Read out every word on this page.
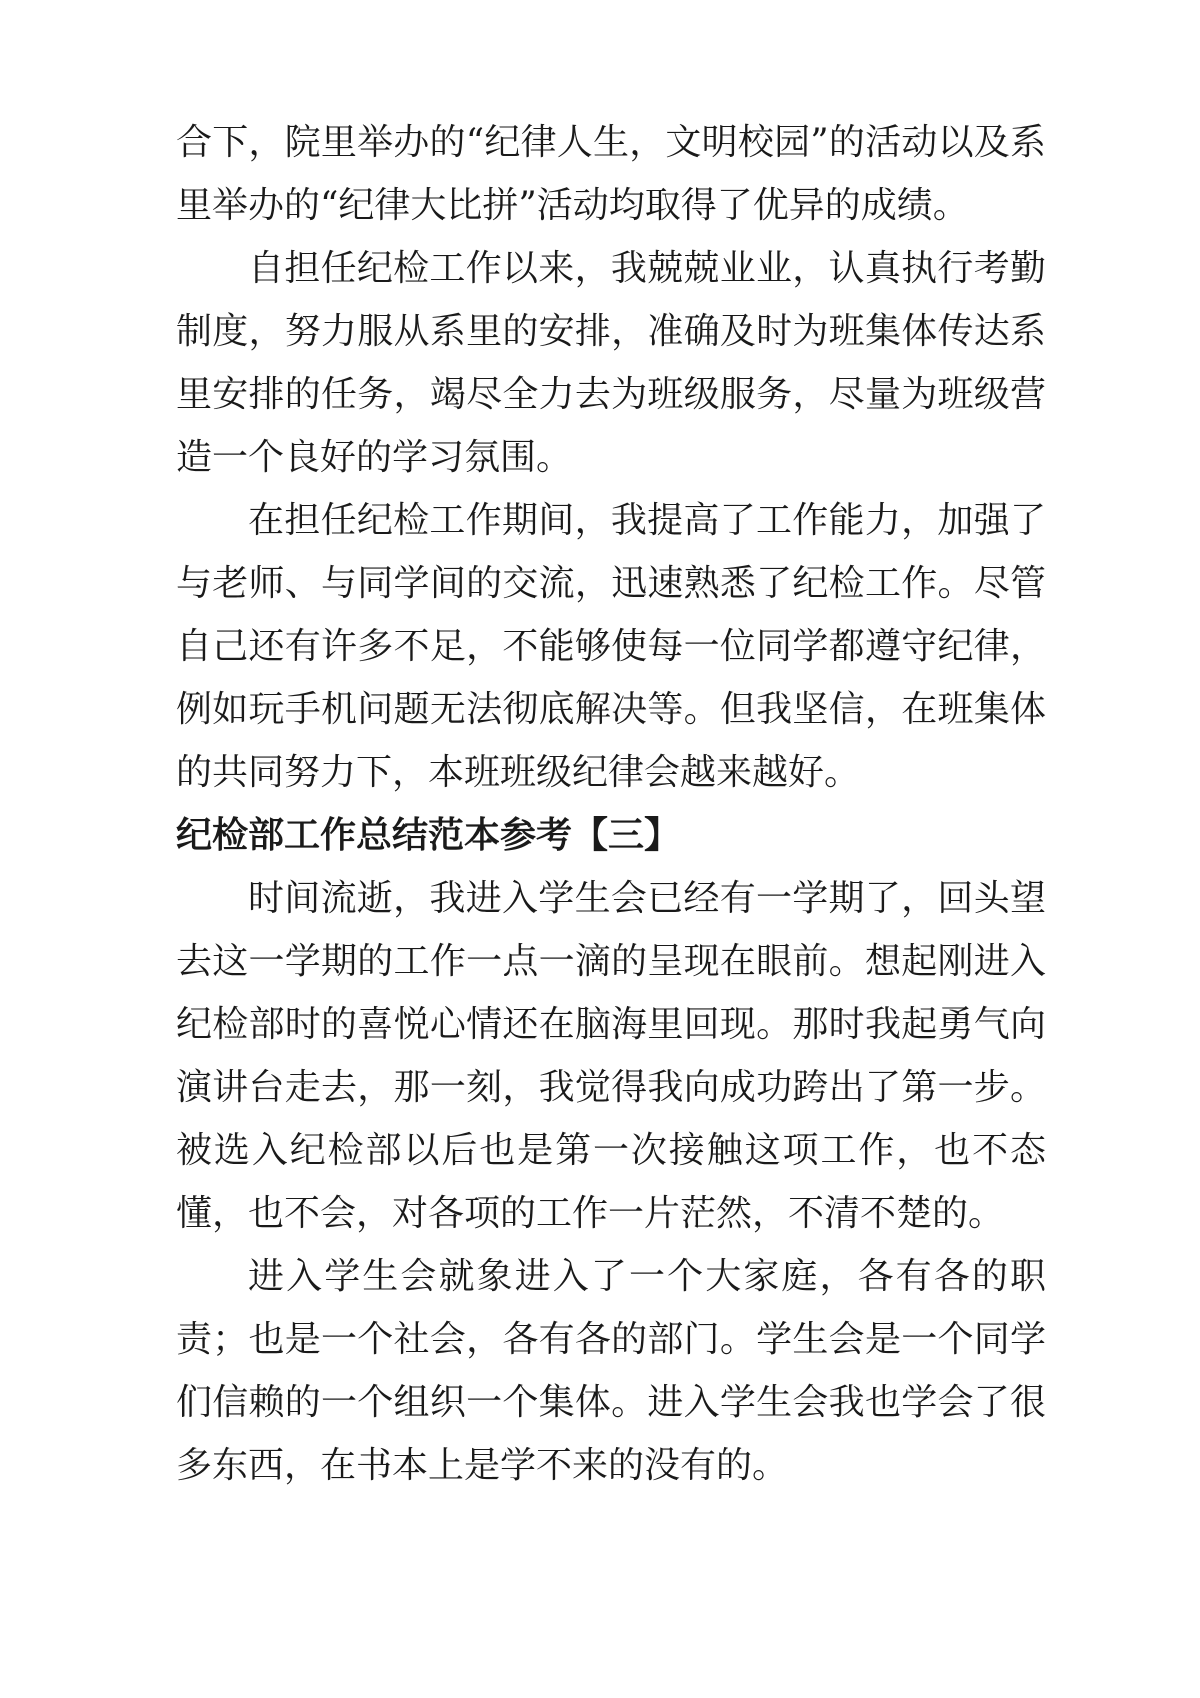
合下，院里举办的“纪律人生，文明校园”的活动以及系里举办的“纪律大比拼”活动均取得了优异的成绩。

自担任纪检工作以来，我兢兢业业，认真执行考勤制度，努力服从系里的安排，准确及时为班集体传达系里安排的任务，竭尽全力去为班级服务，尽量为班级营造一个良好的学习氛围。

在担任纪检工作期间，我提高了工作能力，加强了与老师、与同学间的交流，迅速熟悉了纪检工作。尽管自己还有许多不足，不能够使每一位同学都遵守纪律，例如玩手机问题无法彻底解决等。但我坚信，在班集体的共同努力下，本班班级纪律会越来越好。

纪检部工作总结范本参考【三】

时间流逝，我进入学生会已经有一学期了，回头望去这一学期的工作一点一滴的呈现在眼前。想起刚进入纪检部时的喜悦心情还在脑海里回现。那时我起勇气向演讲台走去，那一刻，我觉得我向成功跨出了第一步。被选入纪检部以后也是第一次接触这项工作，也不态懂，也不会，对各项的工作一片茫然，不清不楚的。

进入学生会就象进入了一个大家庭，各有各的职责；也是一个社会，各有各的部门。学生会是一个同学们信赖的一个组织一个集体。进入学生会我也学会了很多东西，在书本上是学不来的没有的。
